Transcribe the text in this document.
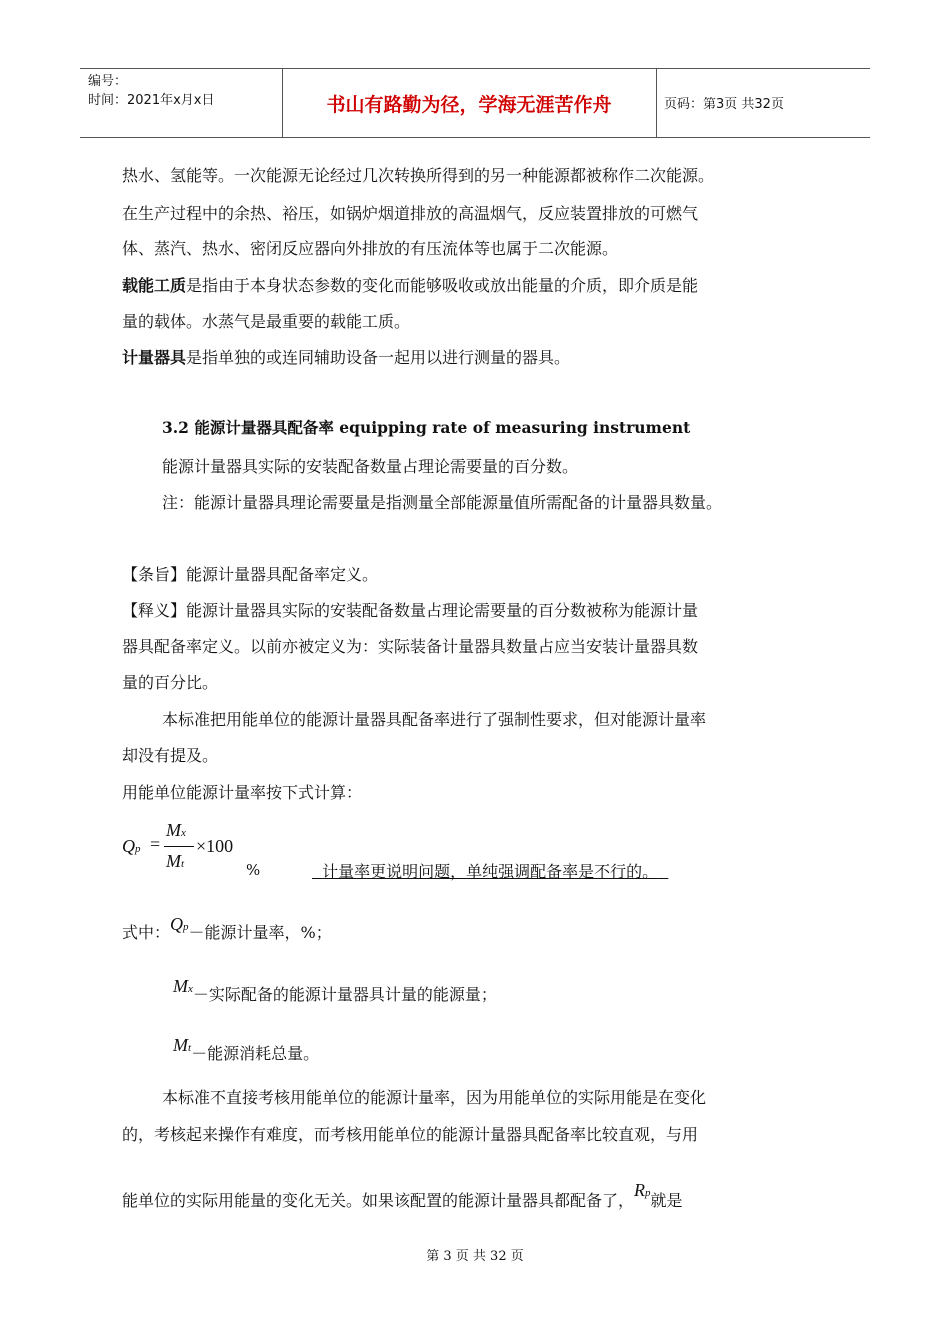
编号：
时间：2021年x月x日	书山有路勤为径，学海无涯苦作舟	页码：第3页 共32页
热水、氢能等。一次能源无论经过几次转换所得到的另一种能源都被称作二次能源。
在生产过程中的余热、裕压，如锅炉烟道排放的高温烟气，反应装置排放的可燃气
体、蒸汽、热水、密闭反应器向外排放的有压流体等也属于二次能源。
载能工质是指由于本身状态参数的变化而能够吸收或放出能量的介质，即介质是能
量的载体。水蒸气是最重要的载能工质。
计量器具是指单独的或连同辅助设备一起用以进行测量的器具。
3.2 能源计量器具配备率 equipping rate of measuring instrument
能源计量器具实际的安装配备数量占理论需要量的百分数。
注：能源计量器具理论需要量是指测量全部能源量值所需配备的计量器具数量。
【条旨】能源计量器具配备率定义。
【释义】能源计量器具实际的安装配备数量占理论需要量的百分数被称为能源计量
器具配备率定义。以前亦被定义为：实际装备计量器具数量占应当安装计量器具数
量的百分比。
本标准把用能单位的能源计量器具配备率进行了强制性要求，但对能源计量率
却没有提及。
用能单位能源计量率按下式计算：
Qp =
Mx
Mt
×100
%	计量率更说明问题，单纯强调配备率是不行的。
式中：Qp－能源计量率，%；
Mx－实际配备的能源计量器具计量的能源量；
Mt－能源消耗总量。
本标准不直接考核用能单位的能源计量率，因为用能单位的实际用能是在变化
的，考核起来操作有难度，而考核用能单位的能源计量器具配备率比较直观，与用
能单位的实际用能量的变化无关。如果该配置的能源计量器具都配备了，Rp就是
第 3 页 共 32 页
